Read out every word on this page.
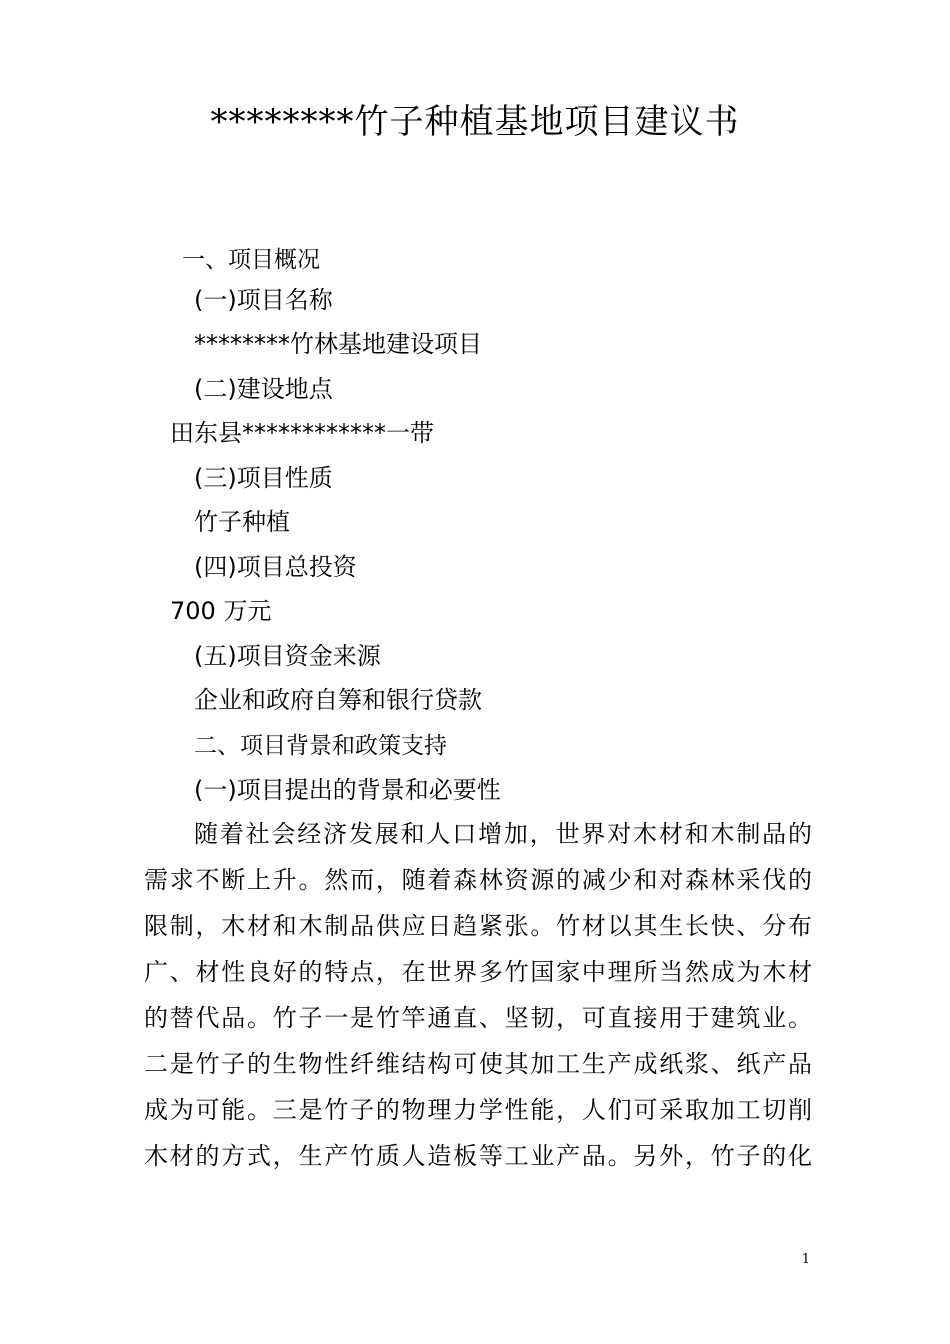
********竹子种植基地项目建议书
一、项目概况
(一)项目名称
********竹林基地建设项目
(二)建设地点
田东县************一带
(三)项目性质
竹子种植
(四)项目总投资
700 万元
(五)项目资金来源
企业和政府自筹和银行贷款
二、项目背景和政策支持
(一)项目提出的背景和必要性
随着社会经济发展和人口增加，世界对木材和木制品的
需求不断上升。然而，随着森林资源的减少和对森林采伐的
限制，木材和木制品供应日趋紧张。竹材以其生长快、分布
广、材性良好的特点，在世界多竹国家中理所当然成为木材
的替代品。竹子一是竹竿通直、坚韧，可直接用于建筑业。
二是竹子的生物性纤维结构可使其加工生产成纸浆、纸产品
成为可能。三是竹子的物理力学性能，人们可采取加工切削
木材的方式，生产竹质人造板等工业产品。另外，竹子的化
1
